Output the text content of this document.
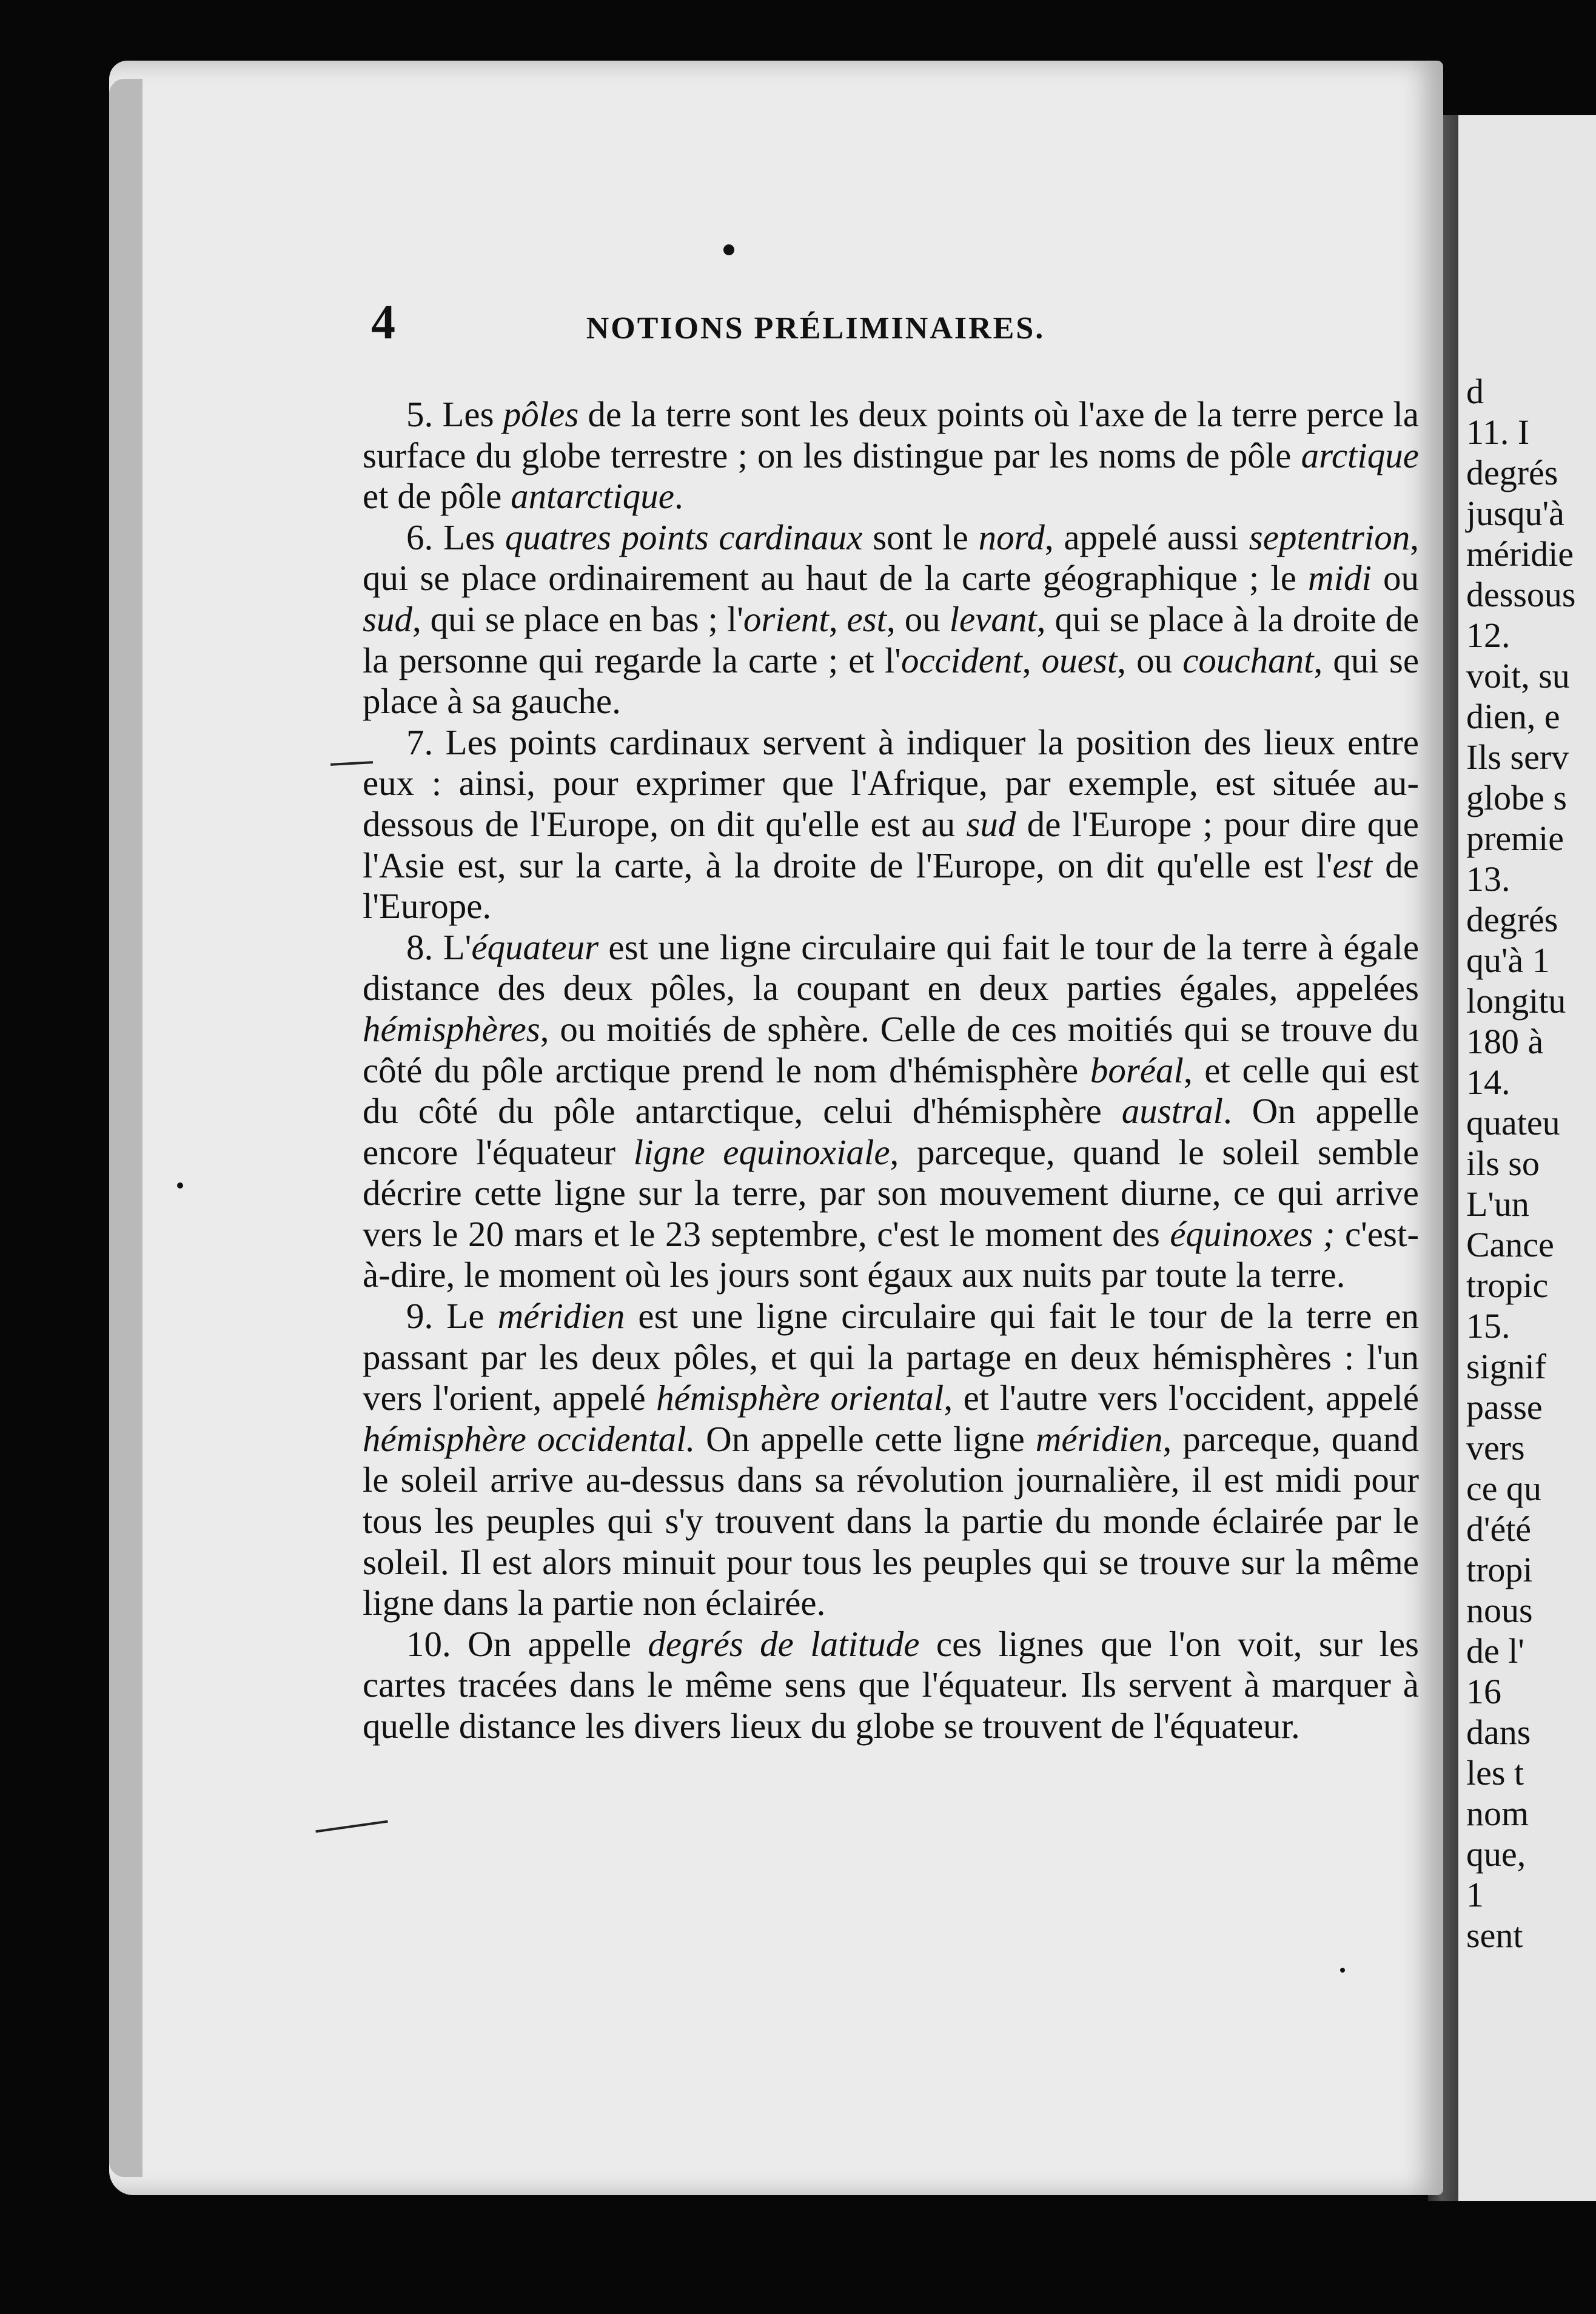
4	NOTIONS PRÉLIMINAIRES.

5. Les pôles de la terre sont les deux points où l'axe de la terre perce la surface du globe terrestre ; on les distingue par les noms de pôle arctique et de pôle antarctique.

6. Les quatres points cardinaux sont le nord, appelé aussi septentrion, qui se place ordinairement au haut de la carte géographique ; le midi ou sud, qui se place en bas ; l'orient, est, ou levant, qui se place à la droite de la personne qui regarde la carte ; et l'occident, ouest, ou couchant, qui se place à sa gauche.

7. Les points cardinaux servent à indiquer la position des lieux entre eux : ainsi, pour exprimer que l'Afrique, par exemple, est située au-dessous de l'Europe, on dit qu'elle est au sud de l'Europe ; pour dire que l'Asie est, sur la carte, à la droite de l'Europe, on dit qu'elle est l'est de l'Europe.

8. L'équateur est une ligne circulaire qui fait le tour de la terre à égale distance des deux pôles, la coupant en deux parties égales, appelées hémisphères, ou moitiés de sphère. Celle de ces moitiés qui se trouve du côté du pôle arctique prend le nom d'hémisphère boréal, et celle qui est du côté du pôle antarctique, celui d'hémisphère austral. On appelle encore l'équateur ligne equinoxiale, parceque, quand le soleil semble décrire cette ligne sur la terre, par son mouvement diurne, ce qui arrive vers le 20 mars et le 23 septembre, c'est le moment des équinoxes ; c'est-à-dire, le moment où les jours sont égaux aux nuits par toute la terre.

9. Le méridien est une ligne circulaire qui fait le tour de la terre en passant par les deux pôles, et qui la partage en deux hémisphères : l'un vers l'orient, appelé hémisphère oriental, et l'autre vers l'occident, appelé hémisphère occidental. On appelle cette ligne méridien, parceque, quand le soleil arrive au-dessus dans sa révolution journalière, il est midi pour tous les peuples qui s'y trouvent dans la partie du monde éclairée par le soleil. Il est alors minuit pour tous les peuples qui se trouve sur la même ligne dans la partie non éclairée.

10. On appelle degrés de latitude ces lignes que l'on voit, sur les cartes tracées dans le même sens que l'équateur. Ils servent à marquer à quelle distance les divers lieux du globe se trouvent de l'équateur.

d
11. I
degrés
jusqu'à
méridie
dessous
12.
voit, su
dien, e
Ils serv
globe s
premie
13.
degrés
qu'à 1
longitu
180 à
14.
quateu
ils so
L'un
Cance
tropic
15.
signif
passe
vers
ce qu
d'été
tropi
nous
de l'
16
dans
les t
nom
que,
1
sent
